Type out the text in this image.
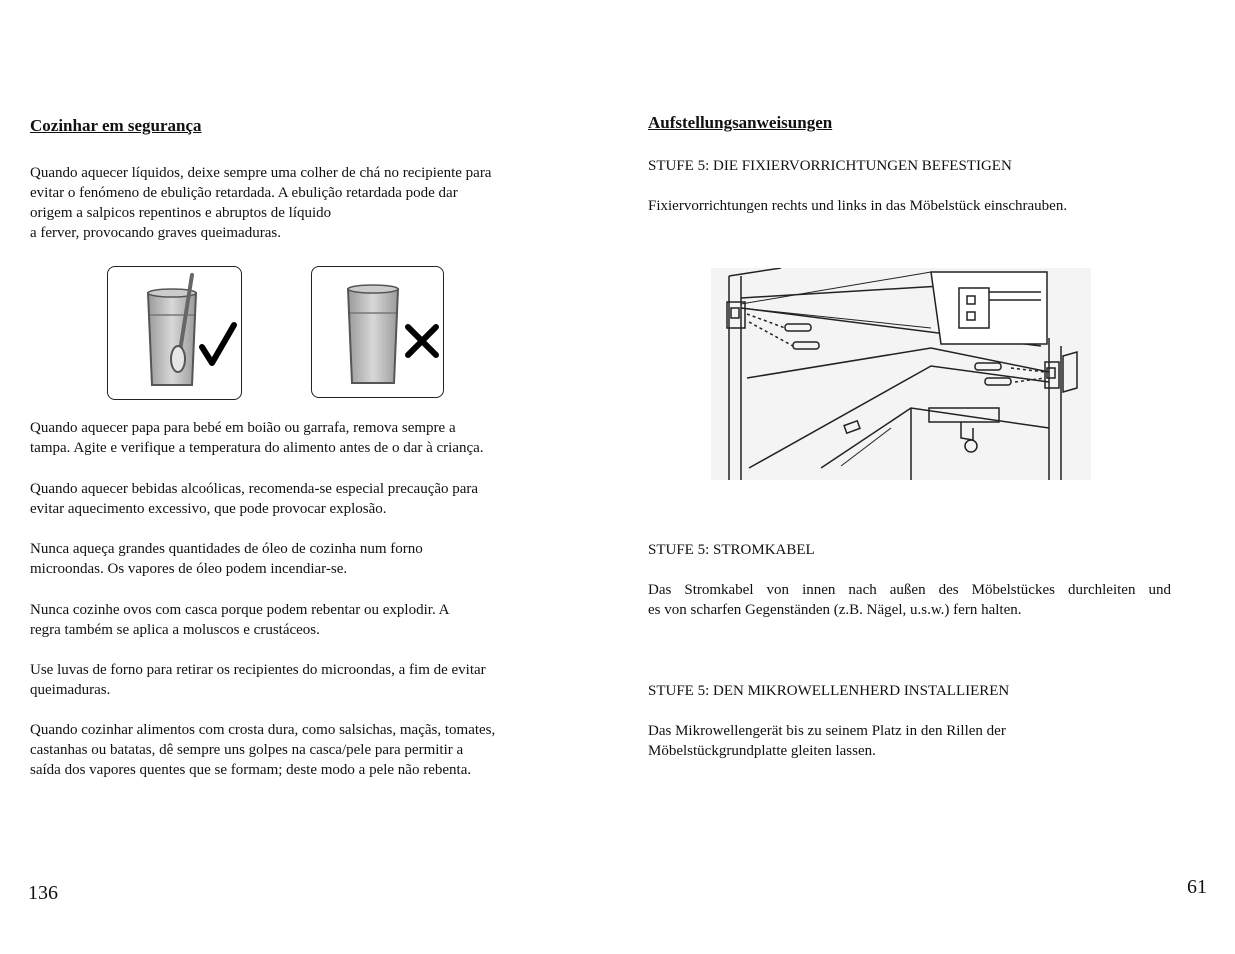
Cozinhar em segurança
Quando aquecer líquidos, deixe sempre uma colher de chá no recipiente para
evitar o fenómeno de ebulição retardada. A ebulição retardada pode dar
origem a salpicos repentinos e abruptos de líquido
a ferver, provocando graves queimaduras.
Quando aquecer papa para bebé em boião ou garrafa, remova sempre a
tampa. Agite e verifique a temperatura do alimento antes de o dar à criança.
Quando aquecer bebidas alcoólicas, recomenda-se especial precaução para
evitar aquecimento excessivo, que pode provocar explosão.
Nunca aqueça grandes quantidades de óleo de cozinha num forno
microondas. Os vapores de óleo podem incendiar-se.
Nunca cozinhe ovos com casca porque podem rebentar ou explodir. A
regra também se aplica a moluscos e crustáceos.
Use luvas de forno para retirar os recipientes do microondas, a fim de evitar
queimaduras.
Quando cozinhar alimentos com crosta dura, como salsichas, maçãs, tomates,
castanhas ou batatas, dê sempre uns golpes na casca/pele para permitir a
saída dos vapores quentes que se formam; deste modo a pele não rebenta.
136
Aufstellungsanweisungen
STUFE 5: DIE FIXIERVORRICHTUNGEN BEFESTIGEN
Fixiervorrichtungen rechts und links in das Möbelstück einschrauben.
STUFE 5: STROMKABEL
Das Stromkabel von innen nach außen des Möbelstückes durchleiten und
es von scharfen Gegenständen (z.B. Nägel, u.s.w.) fern halten.
STUFE 5: DEN MIKROWELLENHERD INSTALLIEREN
Das Mikrowellengerät bis zu seinem Platz in den Rillen der
Möbelstückgrundplatte gleiten lassen.
61
